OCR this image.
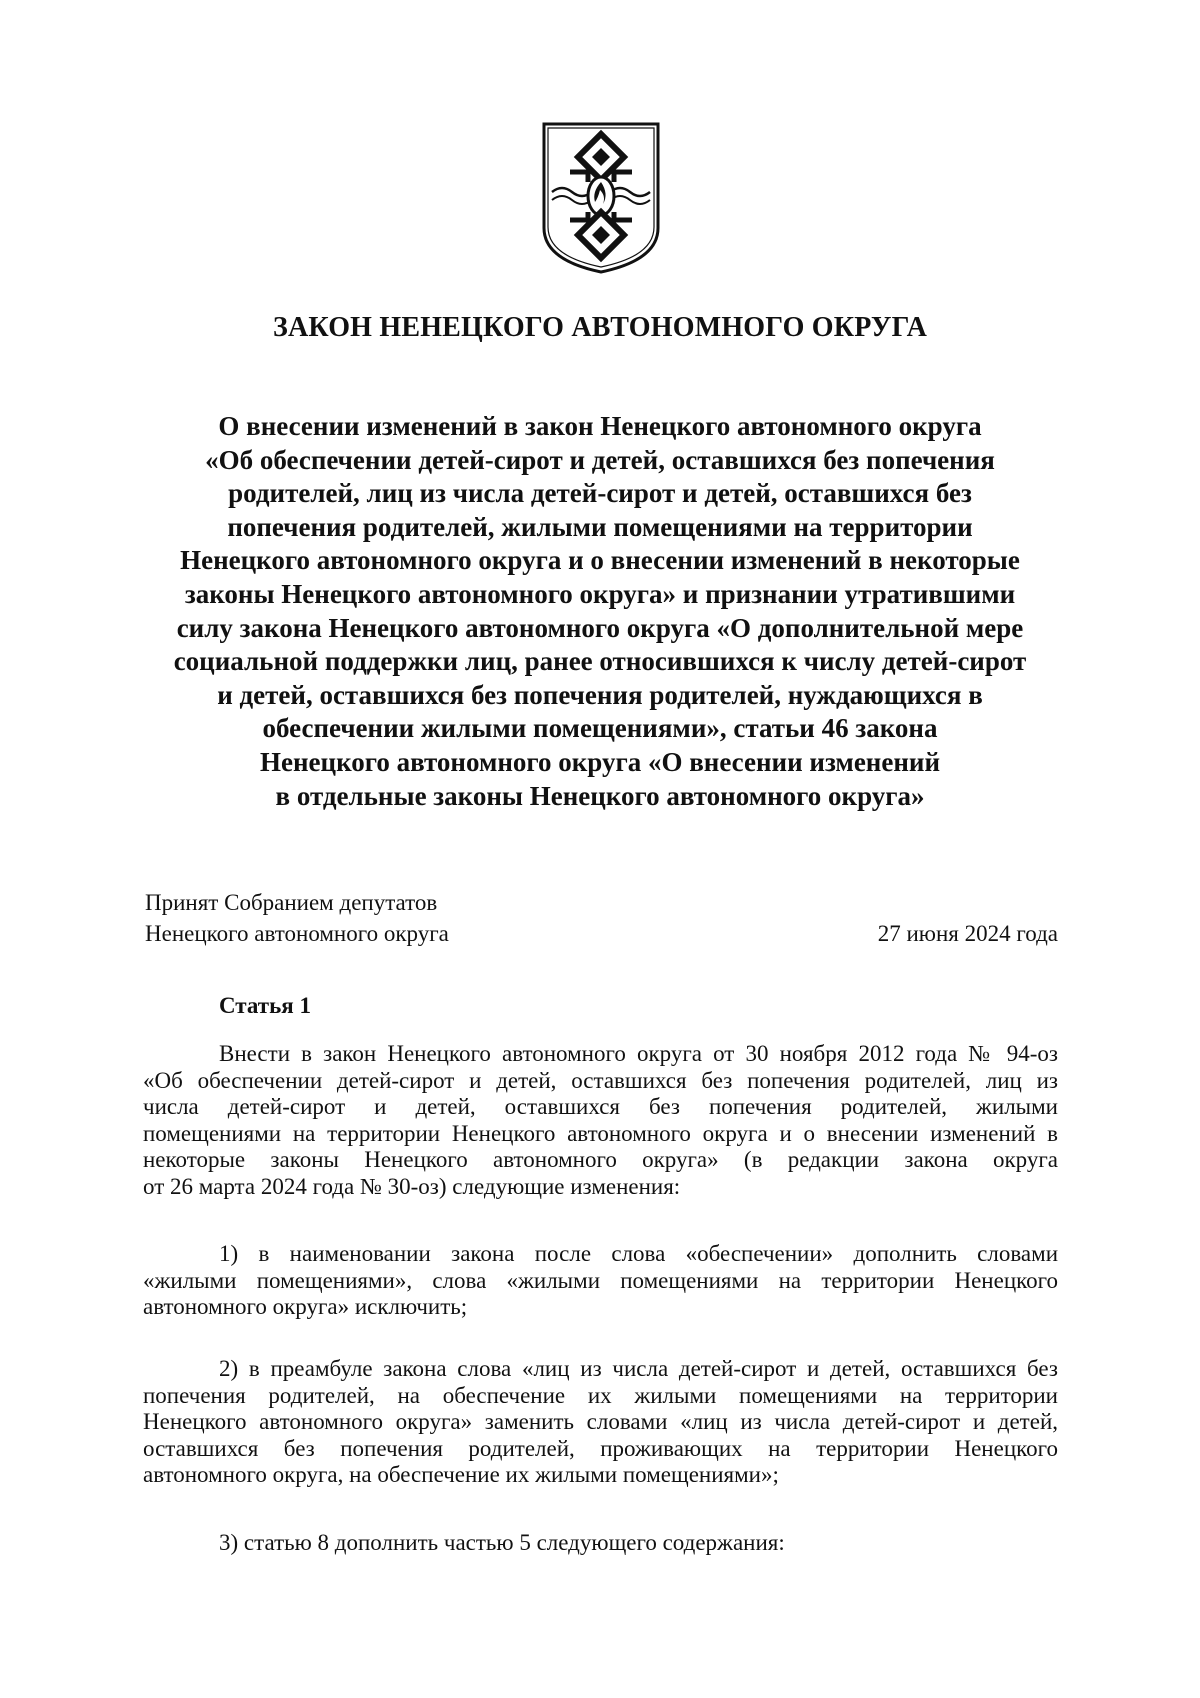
ЗАКОН НЕНЕЦКОГО АВТОНОМНОГО ОКРУГА
О внесении изменений в закон Ненецкого автономного округа
«Об обеспечении детей-сирот и детей, оставшихся без попечения
родителей, лиц из числа детей-сирот и детей, оставшихся без
попечения родителей, жилыми помещениями на территории
Ненецкого автономного округа и о внесении изменений в некоторые
законы Ненецкого автономного округа» и признании утратившими
силу закона Ненецкого автономного округа «О дополнительной мере
социальной поддержки лиц, ранее относившихся к числу детей-сирот
и детей, оставшихся без попечения родителей, нуждающихся в
обеспечении жилыми помещениями», статьи 46 закона
Ненецкого автономного округа «О внесении изменений
в отдельные законы Ненецкого автономного округа»
Принят Собранием депутатов
Ненецкого автономного округа	27 июня 2024 года
Статья 1
Внести в закон Ненецкого автономного округа от 30 ноября 2012 года № 94-оз
«Об обеспечении детей-сирот и детей, оставшихся без попечения родителей, лиц из
числа детей-сирот и детей, оставшихся без попечения родителей, жилыми
помещениями на территории Ненецкого автономного округа и о внесении изменений в
некоторые законы Ненецкого автономного округа» (в редакции закона округа
от 26 марта 2024 года № 30-оз) следующие изменения:
1) в наименовании закона после слова «обеспечении» дополнить словами
«жилыми помещениями», слова «жилыми помещениями на территории Ненецкого
автономного округа» исключить;
2) в преамбуле закона слова «лиц из числа детей-сирот и детей, оставшихся без
попечения родителей, на обеспечение их жилыми помещениями на территории
Ненецкого автономного округа» заменить словами «лиц из числа детей-сирот и детей,
оставшихся без попечения родителей, проживающих на территории Ненецкого
автономного округа, на обеспечение их жилыми помещениями»;
3) статью 8 дополнить частью 5 следующего содержания:
